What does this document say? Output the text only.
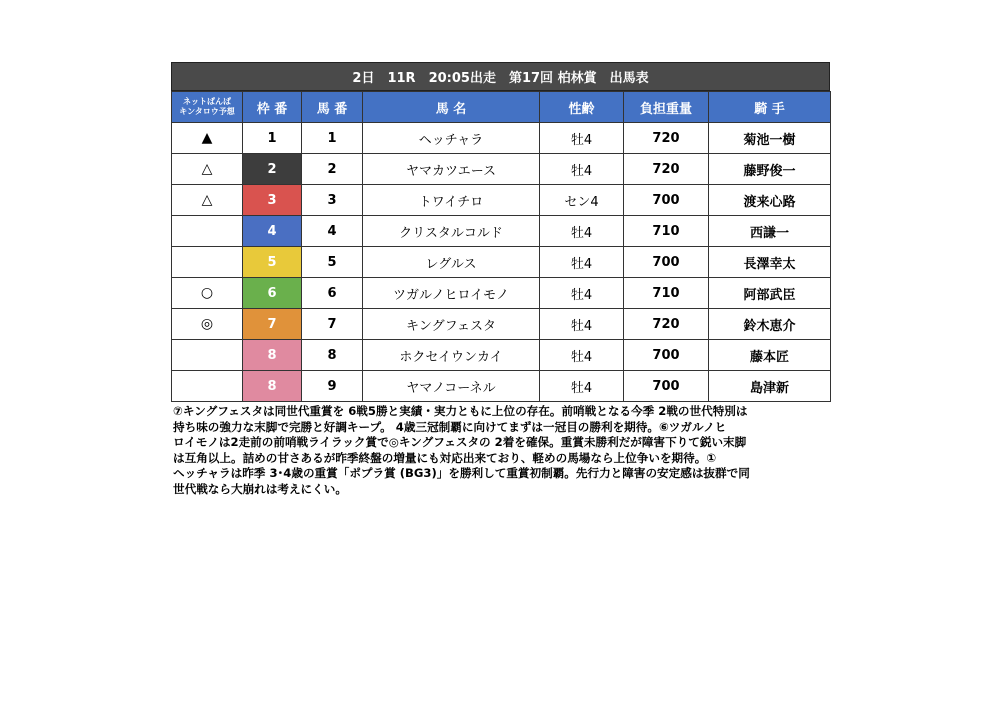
2日　11R　20:05出走　第17回 柏林賞　出馬表
ネットばんば
キンタロウ予想	枠 番	馬 番	馬 名	性齢	負担重量	騎 手
▲	1	1	ヘッチャラ	牡4	720	菊池一樹
△	2	2	ヤマカツエース	牡4	720	藤野俊一
△	3	3	トワイチロ	セン4	700	渡来心路
	4	4	クリスタルコルド	牡4	710	西謙一
	5	5	レグルス	牡4	700	長澤幸太
○	6	6	ツガルノヒロイモノ	牡4	710	阿部武臣
◎	7	7	キングフェスタ	牡4	720	鈴木恵介
	8	8	ホクセイウンカイ	牡4	700	藤本匠
	8	9	ヤマノコーネル	牡4	700	島津新
⑦キングフェスタは同世代重賞を 6戦5勝と実績・実力ともに上位の存在。前哨戦となる今季 2戦の世代特別は
持ち味の強力な末脚で完勝と好調キープ。 4歳三冠制覇に向けてまずは一冠目の勝利を期待。⑥ツガルノヒ
ロイモノは2走前の前哨戦ライラック賞で◎キングフェスタの 2着を確保。重賞未勝利だが障害下りて鋭い末脚
は互角以上。詰めの甘さあるが昨季終盤の増量にも対応出来ており、軽めの馬場なら上位争いを期待。①
ヘッチャラは昨季 3･4歳の重賞「ポプラ賞 (BG3)」を勝利して重賞初制覇。先行力と障害の安定感は抜群で同
世代戦なら大崩れは考えにくい。
